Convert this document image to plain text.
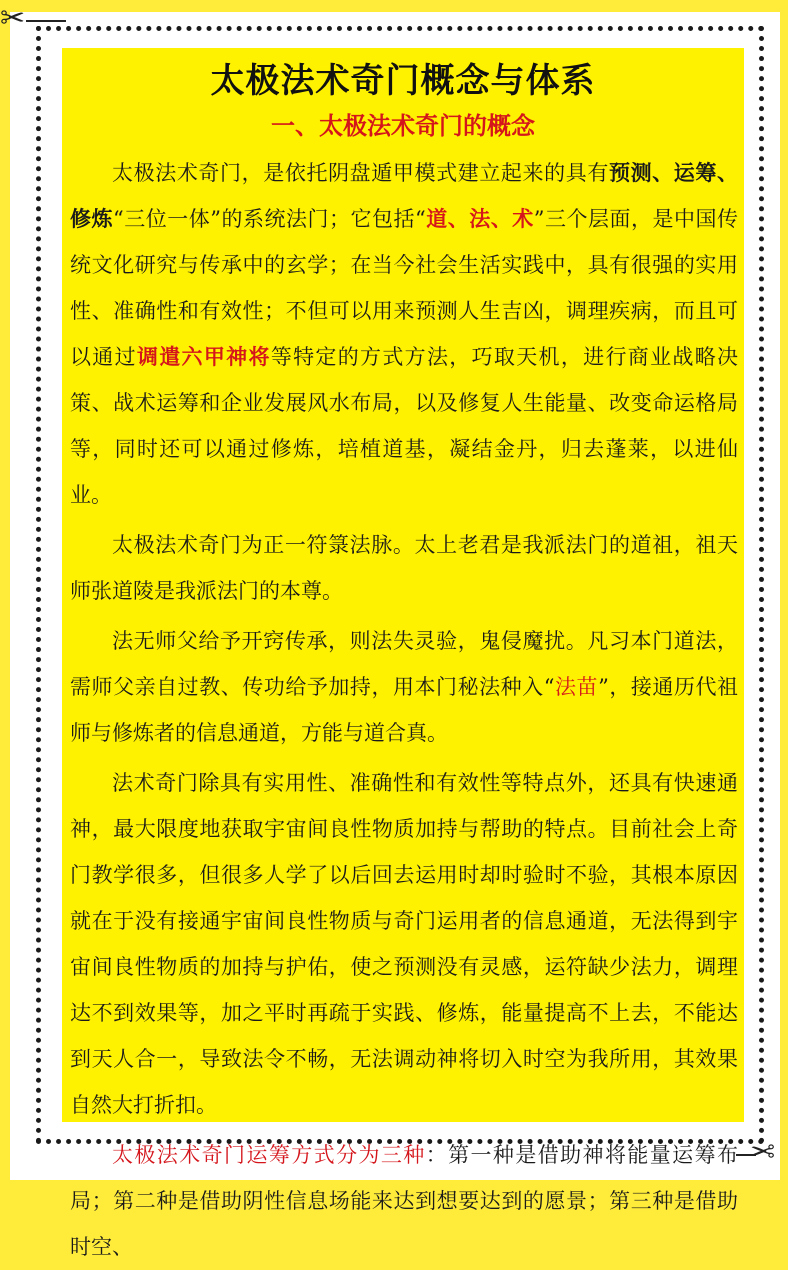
✂
✂
太极法术奇门概念与体系
一、太极法术奇门的概念

太极法术奇门，是依托阴盘遁甲模式建立起来的具有预测、运筹、修炼“三位一体”的系统法门；它包括“道、法、术”三个层面，是中国传统文化研究与传承中的玄学；在当今社会生活实践中，具有很强的实用性、准确性和有效性；不但可以用来预测人生吉凶，调理疾病，而且可以通过调遣六甲神将等特定的方式方法，巧取天机，进行商业战略决策、战术运筹和企业发展风水布局，以及修复人生能量、改变命运格局等，同时还可以通过修炼，培植道基，凝结金丹，归去蓬莱，以进仙业。

太极法术奇门为正一符箓法脉。太上老君是我派法门的道祖，祖天师张道陵是我派法门的本尊。

法无师父给予开窍传承，则法失灵验，鬼侵魔扰。凡习本门道法，需师父亲自过教、传功给予加持，用本门秘法种入“法苗”，接通历代祖师与修炼者的信息通道，方能与道合真。

法术奇门除具有实用性、准确性和有效性等特点外，还具有快速通神，最大限度地获取宇宙间良性物质加持与帮助的特点。目前社会上奇门教学很多，但很多人学了以后回去运用时却时验时不验，其根本原因就在于没有接通宇宙间良性物质与奇门运用者的信息通道，无法得到宇宙间良性物质的加持与护佑，使之预测没有灵感，运符缺少法力，调理达不到效果等，加之平时再疏于实践、修炼，能量提高不上去，不能达到天人合一，导致法令不畅，无法调动神将切入时空为我所用，其效果自然大打折扣。

太极法术奇门运筹方式分为三种：第一种是借助神将能量运筹布局；第二种是借助阴性信息场能来达到想要达到的愿景；第三种是借助时空、
